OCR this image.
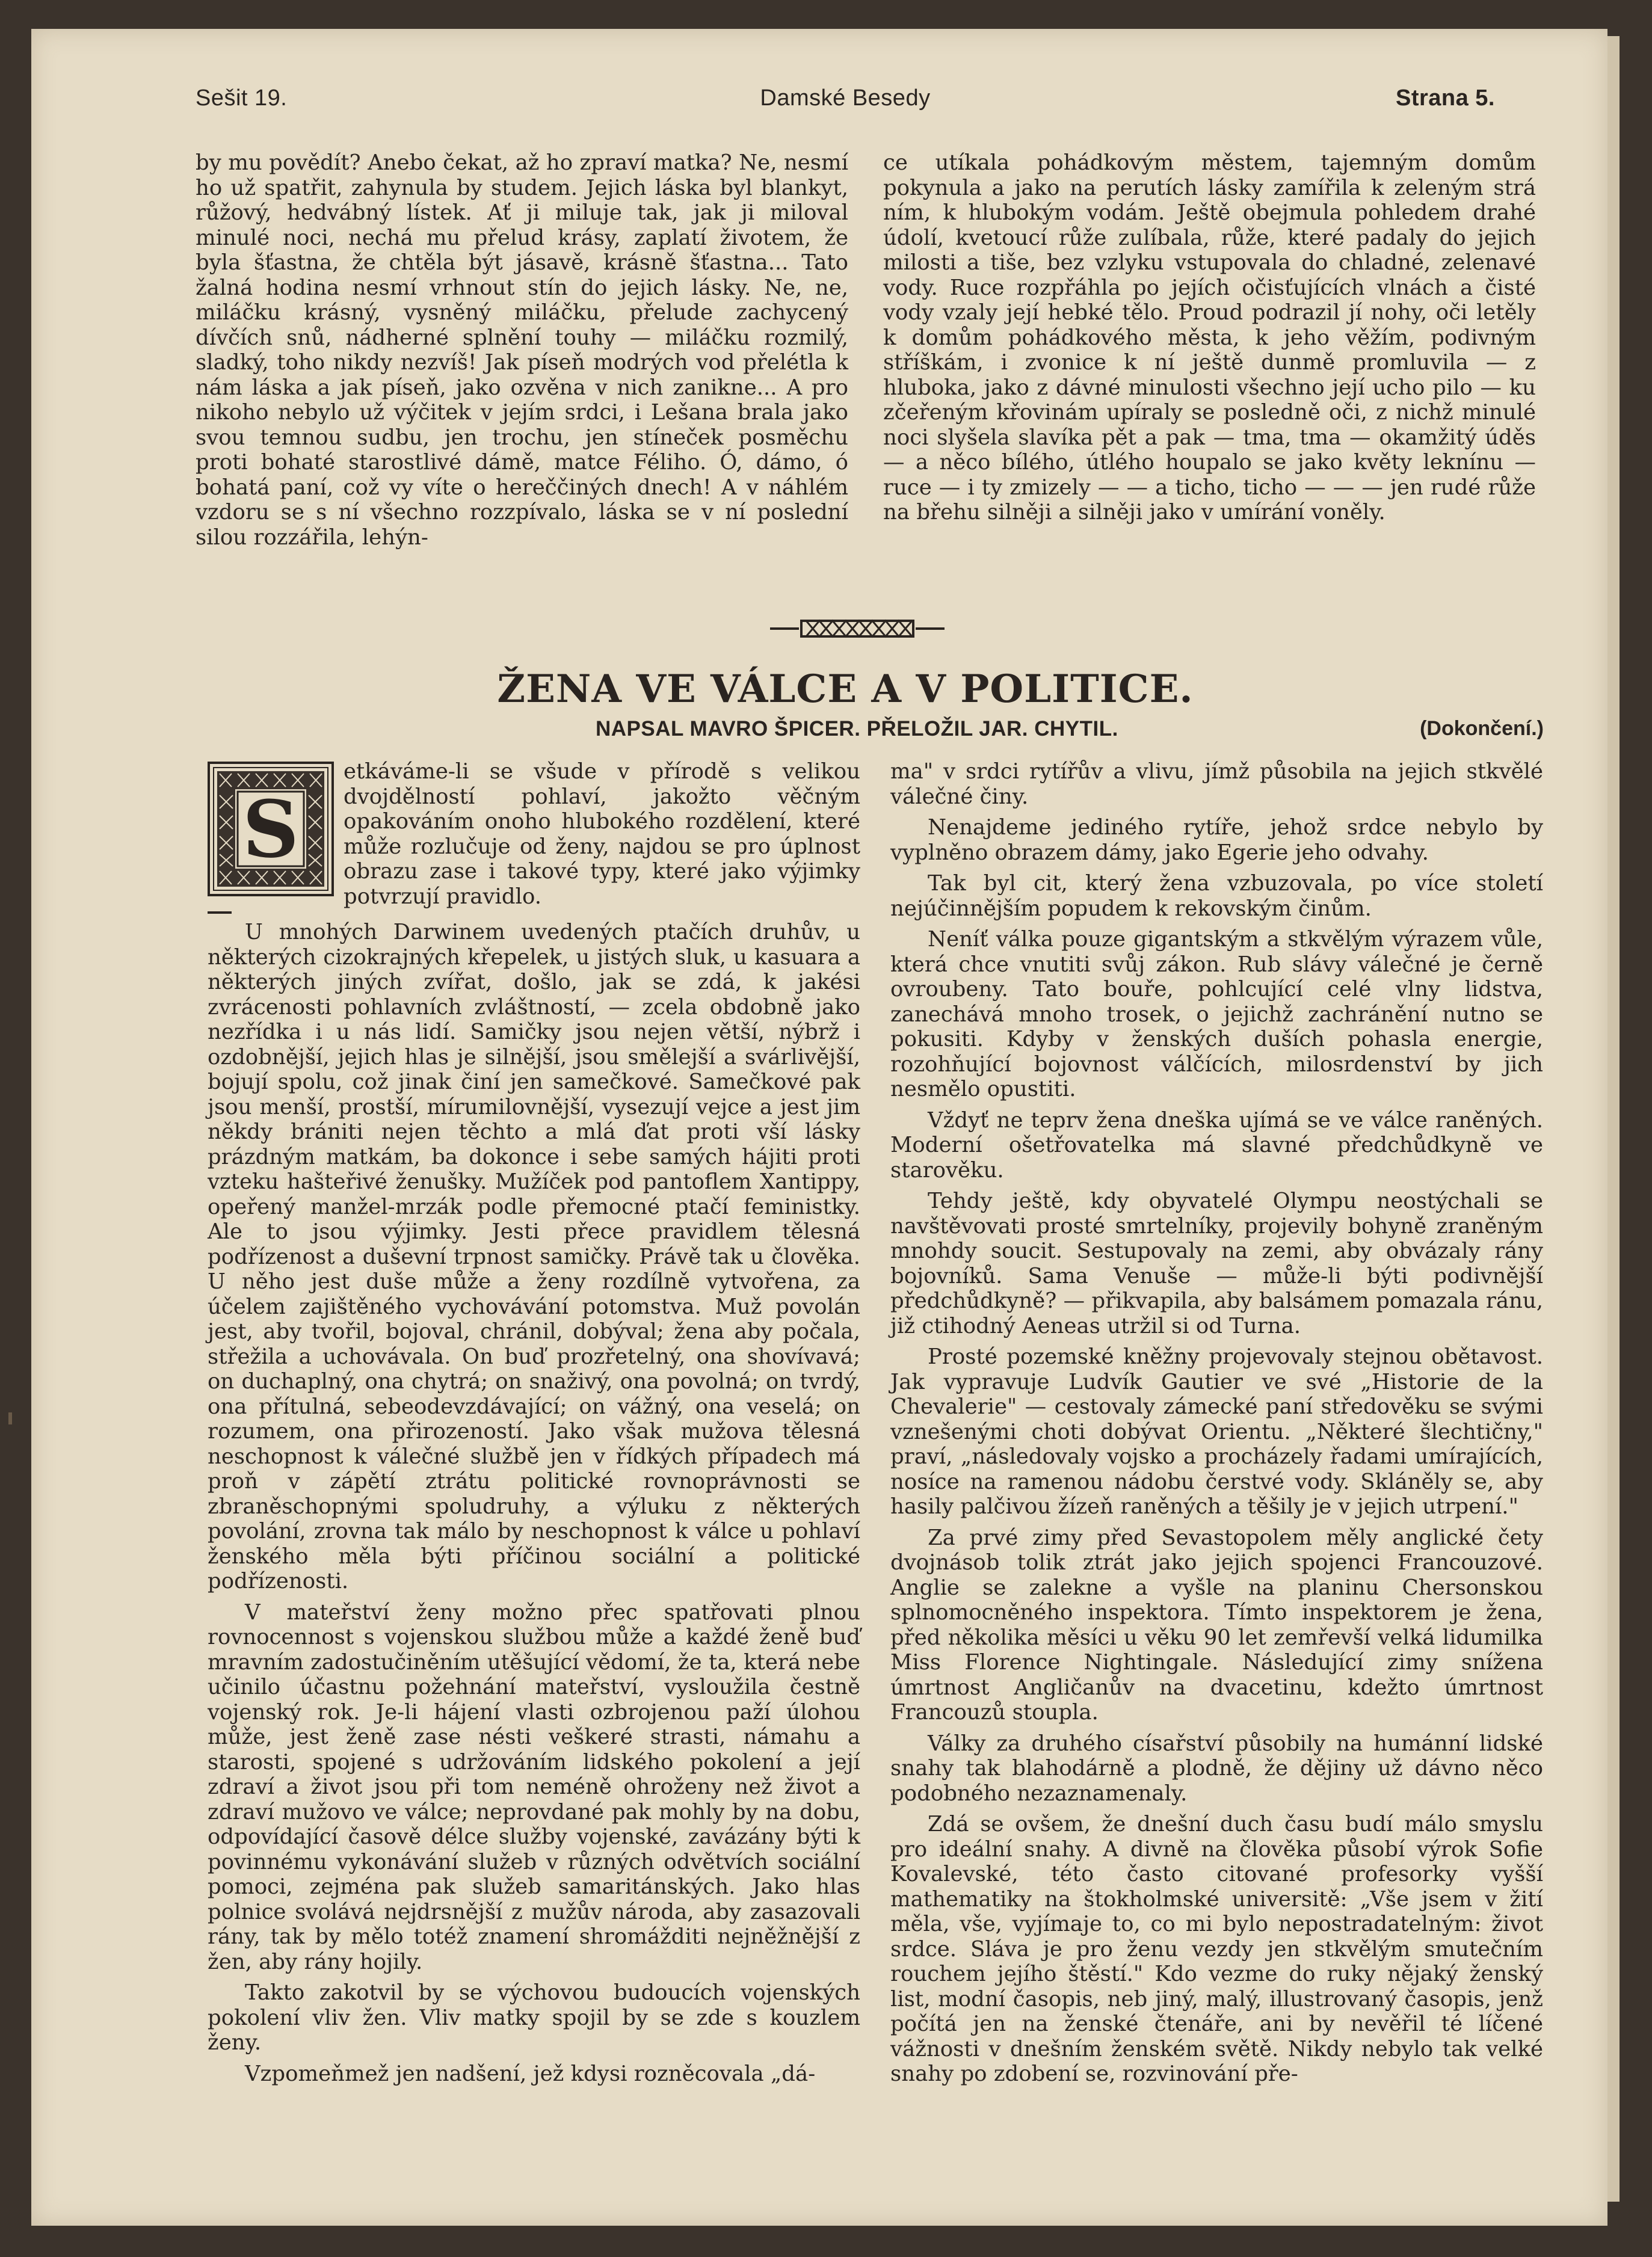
Sešit 19.	Damské Besedy	Strana 5.

by mu povědít? Anebo čekat, až ho zpraví matka? Ne, nesmí ho už spatřit, zahynula by studem. Jejich láska byl blankyt, růžový, hedvábný lístek. Ať ji miluje tak, jak ji miloval minulé noci, nechá mu přelud krásy, zaplatí životem, že byla šťastna, že chtěla být jásavě, krásně šťastna... Tato žalná hodina nesmí vrhnout stín do jejich lásky. Ne, ne, miláčku krásný, vysněný miláčku, přelude zachycený dívčích snů, nádherné splnění touhy — miláčku rozmilý, sladký, toho nikdy nezvíš! Jak píseň modrých vod přelétla k nám láska a jak píseň, jako ozvěna v nich zanikne... A pro nikoho nebylo už výčitek v jejím srdci, i Lešana brala jako svou temnou sudbu, jen trochu, jen stíneček posměchu proti bohaté starostlivé dámě, matce Féliho. Ó, dámo, ó bohatá paní, což vy víte o hereččiných dnech! A v náhlém vzdoru se s ní všechno rozzpívalo, láska se v ní poslední silou rozzářila, lehýn-

ce utíkala pohádkovým městem, tajemným domům pokynula a jako na perutích lásky zamířila k zeleným strá ním, k hlubokým vodám. Ještě obejmula pohledem drahé údolí, kvetoucí růže zulíbala, růže, které padaly do jejich milosti a tiše, bez vzlyku vstupovala do chladné, zelenavé vody. Ruce rozpřáhla po jejích očisťujících vlnách a čisté vody vzaly její hebké tělo. Proud podrazil jí nohy, oči letěly k domům pohádkového města, k jeho věžím, podivným stříškám, i zvonice k ní ještě dunmě promluvila — z hluboka, jako z dávné minulosti všechno její ucho pilo — ku zčeřeným křovinám upíraly se posledně oči, z nichž minulé noci slyšela slavíka pět a pak — tma, tma — okamžitý úděs — a něco bílého, útlého houpalo se jako květy leknínu — ruce — i ty zmizely — — a ticho, ticho — — — jen rudé růže na břehu silněji a silněji jako v umírání voněly.

ŽENA VE VÁLCE A V POLITICE.
NAPSAL MAVRO ŠPICER. PŘELOŽIL JAR. CHYTIL.	(Dokončení.)
S

etkáváme-li se všude v přírodě s velikou dvojdělností pohlaví, jakožto věčným opakováním onoho hlubokého rozdělení, které může rozlučuje od ženy, najdou se pro úplnost obrazu zase i takové typy, které jako výjimky potvrzují pravidlo.

U mnohých Darwinem uvedených ptačích druhův, u některých cizokrajných křepelek, u jistých sluk, u kasuara a některých jiných zvířat, došlo, jak se zdá, k jakési zvrácenosti pohlavních zvláštností, — zcela obdobně jako nezřídka i u nás lidí. Samičky jsou nejen větší, nýbrž i ozdobnější, jejich hlas je silnější, jsou smělejší a svárlivější, bojují spolu, což jinak činí jen samečkové. Samečkové pak jsou menší, prostší, mírumilovnější, vysezují vejce a jest jim někdy brániti nejen těchto a mlá ďat proti vší lásky prázdným matkám, ba dokonce i sebe samých hájiti proti vzteku hašteřivé ženušky. Mužíček pod pantoflem Xantippy, opeřený manžel-mrzák podle přemocné ptačí feministky. Ale to jsou výjimky. Jesti přece pravidlem tělesná podřízenost a duševní trpnost samičky. Právě tak u člověka. U něho jest duše může a ženy rozdílně vytvořena, za účelem zajištěného vychovávání potomstva. Muž povolán jest, aby tvořil, bojoval, chránil, dobýval; žena aby počala, střežila a uchovávala. On buď prozřetelný, ona shovívavá; on duchaplný, ona chytrá; on snaživý, ona povolná; on tvrdý, ona přítulná, sebeodevzdávající; on vážný, ona veselá; on rozumem, ona přirozeností. Jako však mužova tělesná neschopnost k válečné službě jen v řídkých případech má proň v zápětí ztrátu politické rovnoprávnosti se zbraněschopnými spoludruhy, a výluku z některých povolání, zrovna tak málo by neschopnost k válce u pohlaví ženského měla býti příčinou sociální a politické podřízenosti.

V mateřství ženy možno přec spatřovati plnou rovnocennost s vojenskou službou může a každé ženě buď mravním zadostučiněním utěšující vědomí, že ta, která nebe učinilo účastnu požehnání mateřství, vysloužila čestně vojenský rok. Je-li hájení vlasti ozbrojenou paží úlohou může, jest ženě zase nésti veškeré strasti, námahu a starosti, spojené s udržováním lidského pokolení a její zdraví a život jsou při tom neméně ohroženy než život a zdraví mužovo ve válce; neprovdané pak mohly by na dobu, odpovídající časově délce služby vojenské, zavázány býti k povinnému vykonávání služeb v různých odvětvích sociální pomoci, zejména pak služeb samaritánských. Jako hlas polnice svolává nejdrsnější z mužův národa, aby zasazovali rány, tak by mělo totéž znamení shromážditi nejněžnější z žen, aby rány hojily.

Takto zakotvil by se výchovou budoucích vojenských pokolení vliv žen. Vliv matky spojil by se zde s kouzlem ženy.

Vzpomeňmež jen nadšení, jež kdysi rozněcovala „dá-

ma" v srdci rytířův a vlivu, jímž působila na jejich stkvělé válečné činy.

Nenajdeme jediného rytíře, jehož srdce nebylo by vyplněno obrazem dámy, jako Egerie jeho odvahy.

Tak byl cit, který žena vzbuzovala, po více století nejúčinnějším popudem k rekovským činům.

Neníť válka pouze gigantským a stkvělým výrazem vůle, která chce vnutiti svůj zákon. Rub slávy válečné je černě ovroubeny. Tato bouře, pohlcující celé vlny lidstva, zanechává mnoho trosek, o jejichž zachránění nutno se pokusiti. Kdyby v ženských duších pohasla energie, rozohňující bojovnost válčících, milosrdenství by jich nesmělo opustiti.

Vždyť ne teprv žena dneška ujímá se ve válce raněných. Moderní ošetřovatelka má slavné předchůdkyně ve starověku.

Tehdy ještě, kdy obyvatelé Olympu neostýchali se navštěvovati prosté smrtelníky, projevily bohyně zraněným mnohdy soucit. Sestupovaly na zemi, aby obvázaly rány bojovníků. Sama Venuše — může-li býti podivnější předchůdkyně? — přikvapila, aby balsámem pomazala ránu, již ctihodný Aeneas utržil si od Turna.

Prosté pozemské kněžny projevovaly stejnou obětavost. Jak vypravuje Ludvík Gautier ve své „Historie de la Chevalerie" — cestovaly zámecké paní středověku se svými vznešenými choti dobývat Orientu. „Některé šlechtičny," praví, „následovaly vojsko a procházely řadami umírajících, nosíce na ramenou nádobu čerstvé vody. Skláněly se, aby hasily palčivou žízeň raněných a těšily je v jejich utrpení."

Za prvé zimy před Sevastopolem měly anglické čety dvojnásob tolik ztrát jako jejich spojenci Francouzové. Anglie se zalekne a vyšle na planinu Chersonskou splnomocněného inspektora. Tímto inspektorem je žena, před několika měsíci u věku 90 let zemřevší velká lidumilka Miss Florence Nightingale. Následující zimy snížena úmrtnost Angličanův na dvacetinu, kdežto úmrtnost Francouzů stoupla.

Války za druhého císařství působily na humánní lidské snahy tak blahodárně a plodně, že dějiny už dávno něco podobného nezaznamenaly.

Zdá se ovšem, že dnešní duch času budí málo smyslu pro ideální snahy. A divně na člověka působí výrok Sofie Kovalevské, této často citované profesorky vyšší mathematiky na štokholmské universitě: „Vše jsem v žití měla, vše, vyjímaje to, co mi bylo nepostradatelným: život srdce. Sláva je pro ženu vezdy jen stkvělým smutečním rouchem jejího štěstí." Kdo vezme do ruky nějaký ženský list, modní časopis, neb jiný, malý, illustrovaný časopis, jenž počítá jen na ženské čtenáře, ani by nevěřil té líčené vážnosti v dnešním ženském světě. Nikdy nebylo tak velké snahy po zdobení se, rozvinování pře-
